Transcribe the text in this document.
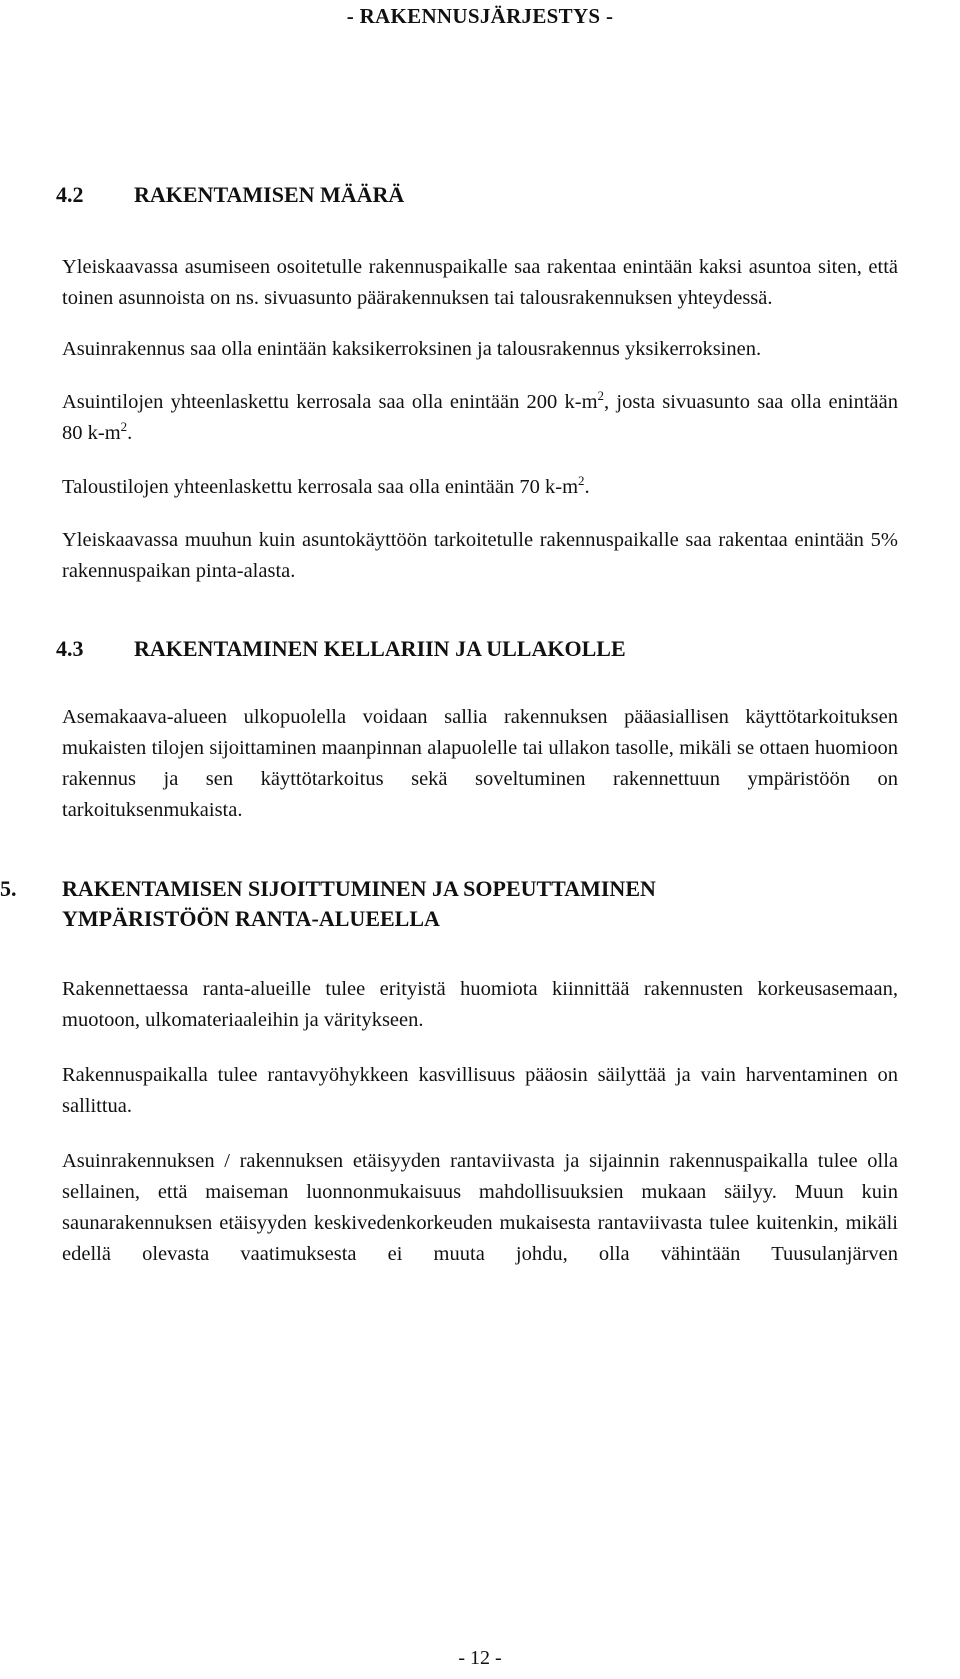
- RAKENNUSJÄRJESTYS -
4.2	RAKENTAMISEN MÄÄRÄ

Yleiskaavassa asumiseen osoitetulle rakennuspaikalle saa rakentaa enintään kaksi asuntoa siten, että toinen asunnoista on ns. sivuasunto päärakennuksen tai talousrakennuksen yhteydessä.

Asuinrakennus saa olla enintään kaksikerroksinen ja talousrakennus yksikerroksinen.

Asuintilojen yhteenlaskettu kerrosala saa olla enintään 200 $k-m^2$, josta sivuasunto saa olla enintään 80 $k-m^2$.

Taloustilojen yhteenlaskettu kerrosala saa olla enintään 70 $k-m^2$.

Yleiskaavassa muuhun kuin asuntokäyttöön tarkoitetulle rakennuspaikalle saa rakentaa enintään 5% rakennuspaikan pinta-alasta.

4.3	RAKENTAMINEN KELLARIIN JA ULLAKOLLE

Asemakaava-alueen ulkopuolella voidaan sallia rakennuksen pääasiallisen käyttötarkoituksen mukaisten tilojen sijoittaminen maanpinnan alapuolelle tai ullakon tasolle, mikäli se ottaen huomioon rakennus ja sen käyttötarkoitus sekä soveltuminen rakennettuun ympäristöön on tarkoituksenmukaista.

5.	RAKENTAMISEN SIJOITTUMINEN JA SOPEUTTAMINEN
YMPÄRISTÖÖN RANTA-ALUEELLA

Rakennettaessa ranta-alueille tulee erityistä huomiota kiinnittää rakennusten korkeusasemaan, muotoon, ulkomateriaaleihin ja väritykseen.

Rakennuspaikalla tulee rantavyöhykkeen kasvillisuus pääosin säilyttää ja vain harventaminen on sallittua.

Asuinrakennuksen / rakennuksen etäisyyden rantaviivasta ja sijainnin rakennuspaikalla tulee olla sellainen, että maiseman luonnonmukaisuus mahdollisuuksien mukaan säilyy. Muun kuin saunarakennuksen etäisyyden keskivedenkorkeuden mukaisesta rantaviivasta tulee kuitenkin, mikäli edellä olevasta vaatimuksesta ei muuta johdu, olla vähintään Tuusulanjärven

- 12 -
